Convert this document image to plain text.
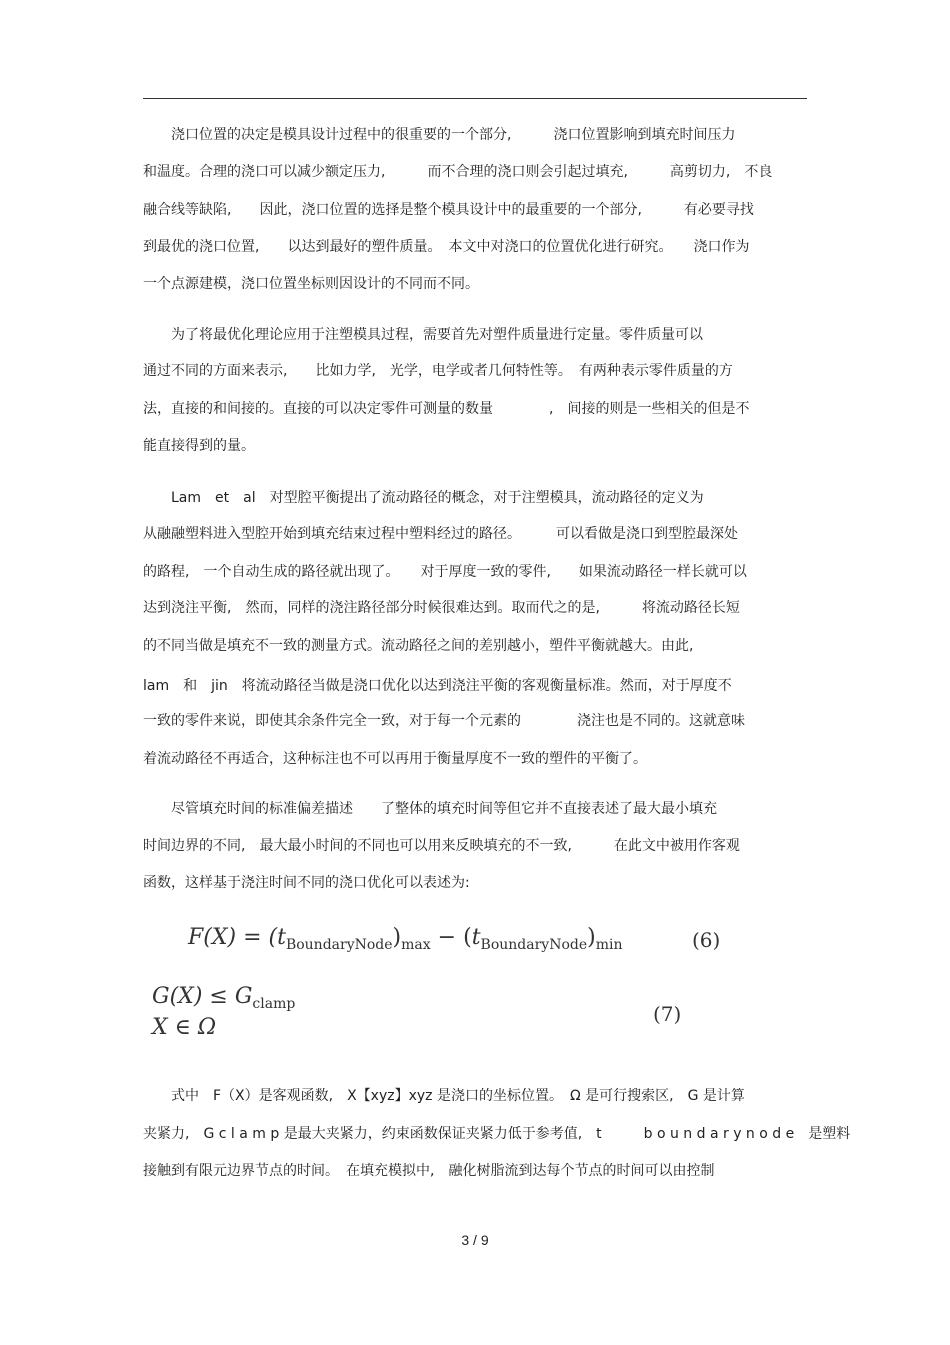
　　浇口位置的决定是模具设计过程中的很重要的一个部分,　　　浇口位置影响到填充时间压力
和温度。合理的浇口可以减少额定压力,　　　而不合理的浇口则会引起过填充,　　　高剪切力,　不良
融合线等缺陷,　　因此，浇口位置的选择是整个模具设计中的最重要的一个部分,　　　有必要寻找
到最优的浇口位置,　　以达到最好的塑件质量。　本文中对浇口的位置优化进行研究。　　浇口作为
一个点源建模，浇口位置坐标则因设计的不同而不同。
　　为了将最优化理论应用于注塑模具过程，需要首先对塑件质量进行定量。零件质量可以
通过不同的方面来表示,　　比如力学,　光学，电学或者几何特性等。　有两种表示零件质量的方
法，直接的和间接的。直接的可以决定零件可测量的数量　　　　,　间接的则是一些相关的但是不
能直接得到的量。
　　Lam　et　al　对型腔平衡提出了流动路径的概念，对于注塑模具，流动路径的定义为
从融融塑料进入型腔开始到填充结束过程中塑料经过的路径。　　　可以看做是浇口到型腔最深处
的路程,　一个自动生成的路径就出现了。　　对于厚度一致的零件,　　如果流动路径一样长就可以
达到浇注平衡,　然而，同样的浇注路径部分时候很难达到。取而代之的是,　　　将流动路径长短
的不同当做是填充不一致的测量方式。流动路径之间的差别越小，塑件平衡就越大。由此,
lam　和　jin　将流动路径当做是浇口优化以达到浇注平衡的客观衡量标准。然而，对于厚度不
一致的零件来说，即使其余条件完全一致，对于每一个元素的　　　　浇注也是不同的。这就意味
着流动路径不再适合，这种标注也不可以再用于衡量厚度不一致的塑件的平衡了。
　　尽管填充时间的标准偏差描述　　了整体的填充时间等但它并不直接表述了最大最小填充
时间边界的不同,　最大最小时间的不同也可以用来反映填充的不一致,　　　在此文中被用作客观
函数，这样基于浇注时间不同的浇口优化可以表述为:
$F(X) = (t_{BoundaryNode})_{max} - (t_{BoundaryNode})_{min}$	(6)
$G(X) \le G_{clamp}$
X ∈ Ω
(7)
　　式中　F（X）是客观函数,　X【xyz】xyz 是浇口的坐标位置。　Ω 是可行搜索区,　G 是计算
夹紧力,　G c l a m p 是最大夹紧力，约束函数保证夹紧力低于参考值,　t　　　b o u n d a r y n o d e　是塑料
接触到有限元边界节点的时间。　在填充模拟中,　融化树脂流到达每个节点的时间可以由控制
3 / 9
